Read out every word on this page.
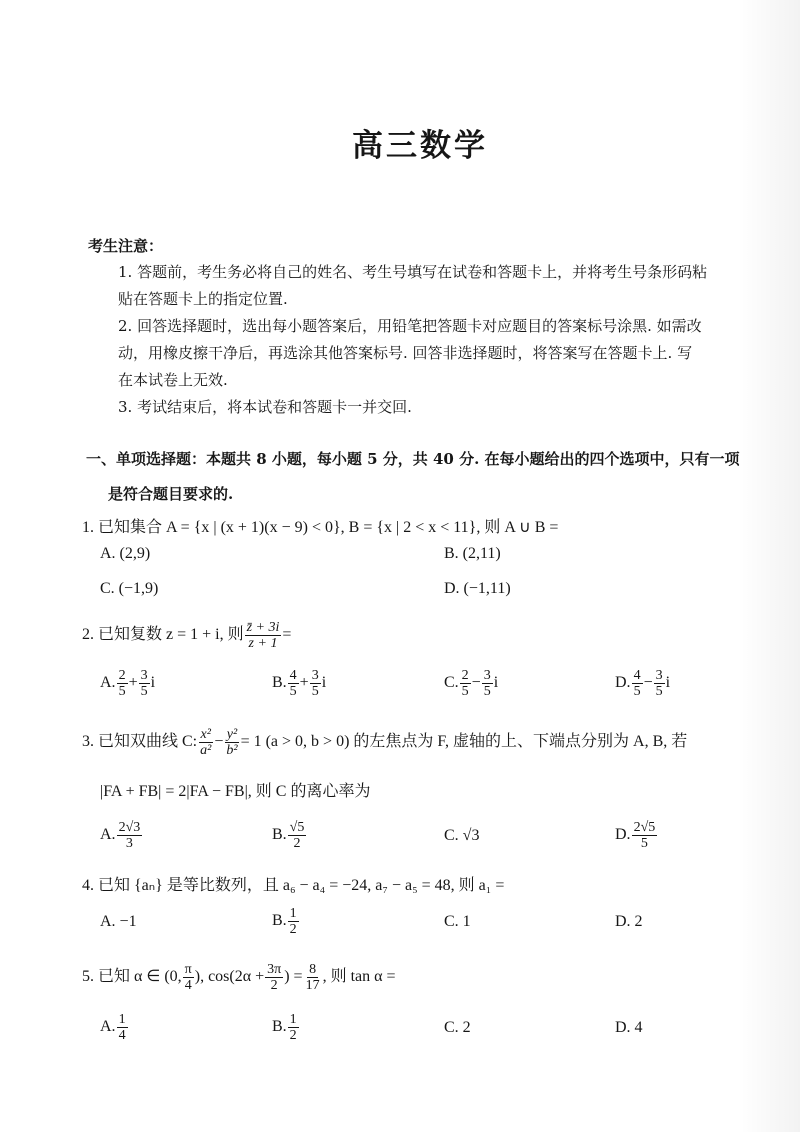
高三数学
考生注意：
1. 答题前，考生务必将自己的姓名、考生号填写在试卷和答题卡上，并将考生号条形码粘
贴在答题卡上的指定位置.
2. 回答选择题时，选出每小题答案后，用铅笔把答题卡对应题目的答案标号涂黑. 如需改
动，用橡皮擦干净后，再选涂其他答案标号. 回答非选择题时，将答案写在答题卡上. 写
在本试卷上无效.
3. 考试结束后，将本试卷和答题卡一并交回.
一、单项选择题：本题共 8 小题，每小题 5 分，共 40 分. 在每小题给出的四个选项中，只有一项
是符合题目要求的.
1. 已知集合 A = {x | (x + 1)(x − 9) < 0}, B = {x | 2 < x < 11}, 则 A ∪ B =
A. (2,9)	B. (2,11)
C. (−1,9)	D. (−1,11)
2. 已知复数 z = 1 + i, 则 $\frac{z̄ + 3i}{z + 1}$ =
A. $\frac{2}{5} + \frac{3}{5}$ i	B. $\frac{4}{5} + \frac{3}{5}$ i	C. $\frac{2}{5} - \frac{3}{5}$ i	D. $\frac{4}{5} - \frac{3}{5}$ i
3. 已知双曲线 C: $\frac{\text{x²}}{\text{a²}} - \frac{\text{y²}}{\text{b²}} = 1$ (a > 0, b > 0) 的左焦点为 F, 虚轴的上、下端点分别为 A, B, 若
|FA + FB| = 2|FA − FB|, 则 C 的离心率为
A. $\frac{2√3}{3}$	B. $\frac{√5}{2}$	C. √3	D. $\frac{2√5}{5}$
4. 已知 {aₙ} 是等比数列，且 a₆ − a₄ = −24, a₇ − a₅ = 48, 则 a₁ =
A. −1	B. $\frac{1}{2}$	C. 1	D. 2
5. 已知 α ∈ (0, $\frac{\pi}{4}$ ), $\cos(2\alpha + \frac{3\pi}{2}$ ) = $\frac{8}{17}$ , 则 tan α =
A. $\frac{1}{4}$	B. $\frac{1}{2}$	C. 2	D. 4
